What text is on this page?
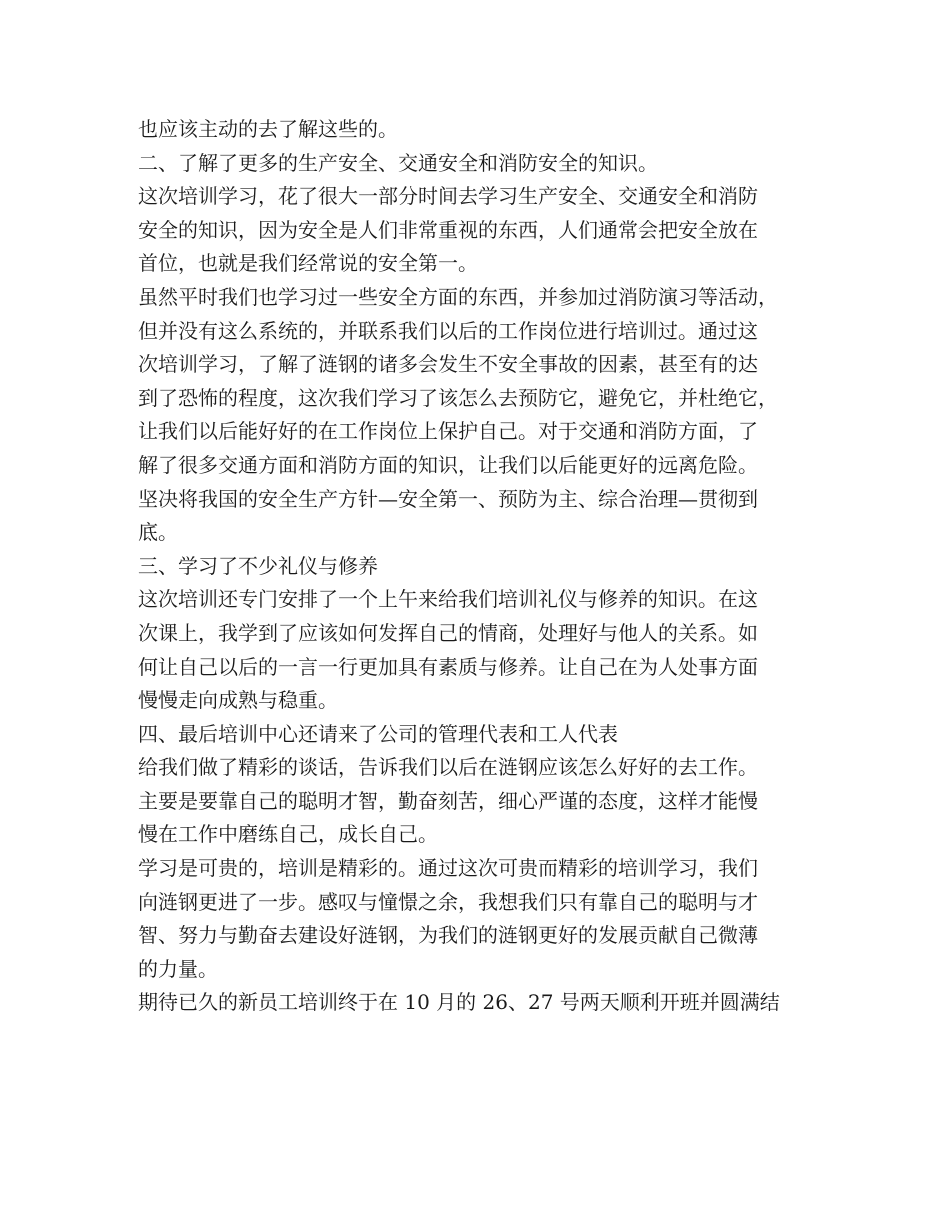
也应该主动的去了解这些的。
二、了解了更多的生产安全、交通安全和消防安全的知识。
这次培训学习，花了很大一部分时间去学习生产安全、交通安全和消防
安全的知识，因为安全是人们非常重视的东西，人们通常会把安全放在
首位，也就是我们经常说的安全第一。
虽然平时我们也学习过一些安全方面的东西，并参加过消防演习等活动，
但并没有这么系统的，并联系我们以后的工作岗位进行培训过。通过这
次培训学习，了解了涟钢的诸多会发生不安全事故的因素，甚至有的达
到了恐怖的程度，这次我们学习了该怎么去预防它，避免它，并杜绝它，
让我们以后能好好的在工作岗位上保护自己。对于交通和消防方面，了
解了很多交通方面和消防方面的知识，让我们以后能更好的远离危险。
坚决将我国的安全生产方针—安全第一、预防为主、综合治理—贯彻到
底。
三、学习了不少礼仪与修养
这次培训还专门安排了一个上午来给我们培训礼仪与修养的知识。在这
次课上，我学到了应该如何发挥自己的情商，处理好与他人的关系。如
何让自己以后的一言一行更加具有素质与修养。让自己在为人处事方面
慢慢走向成熟与稳重。
四、最后培训中心还请来了公司的管理代表和工人代表
给我们做了精彩的谈话，告诉我们以后在涟钢应该怎么好好的去工作。
主要是要靠自己的聪明才智，勤奋刻苦，细心严谨的态度，这样才能慢
慢在工作中磨练自己，成长自己。
学习是可贵的，培训是精彩的。通过这次可贵而精彩的培训学习，我们
向涟钢更进了一步。感叹与憧憬之余，我想我们只有靠自己的聪明与才
智、努力与勤奋去建设好涟钢，为我们的涟钢更好的发展贡献自己微薄
的力量。
期待已久的新员工培训终于在 10 月的 26、27 号两天顺利开班并圆满结
